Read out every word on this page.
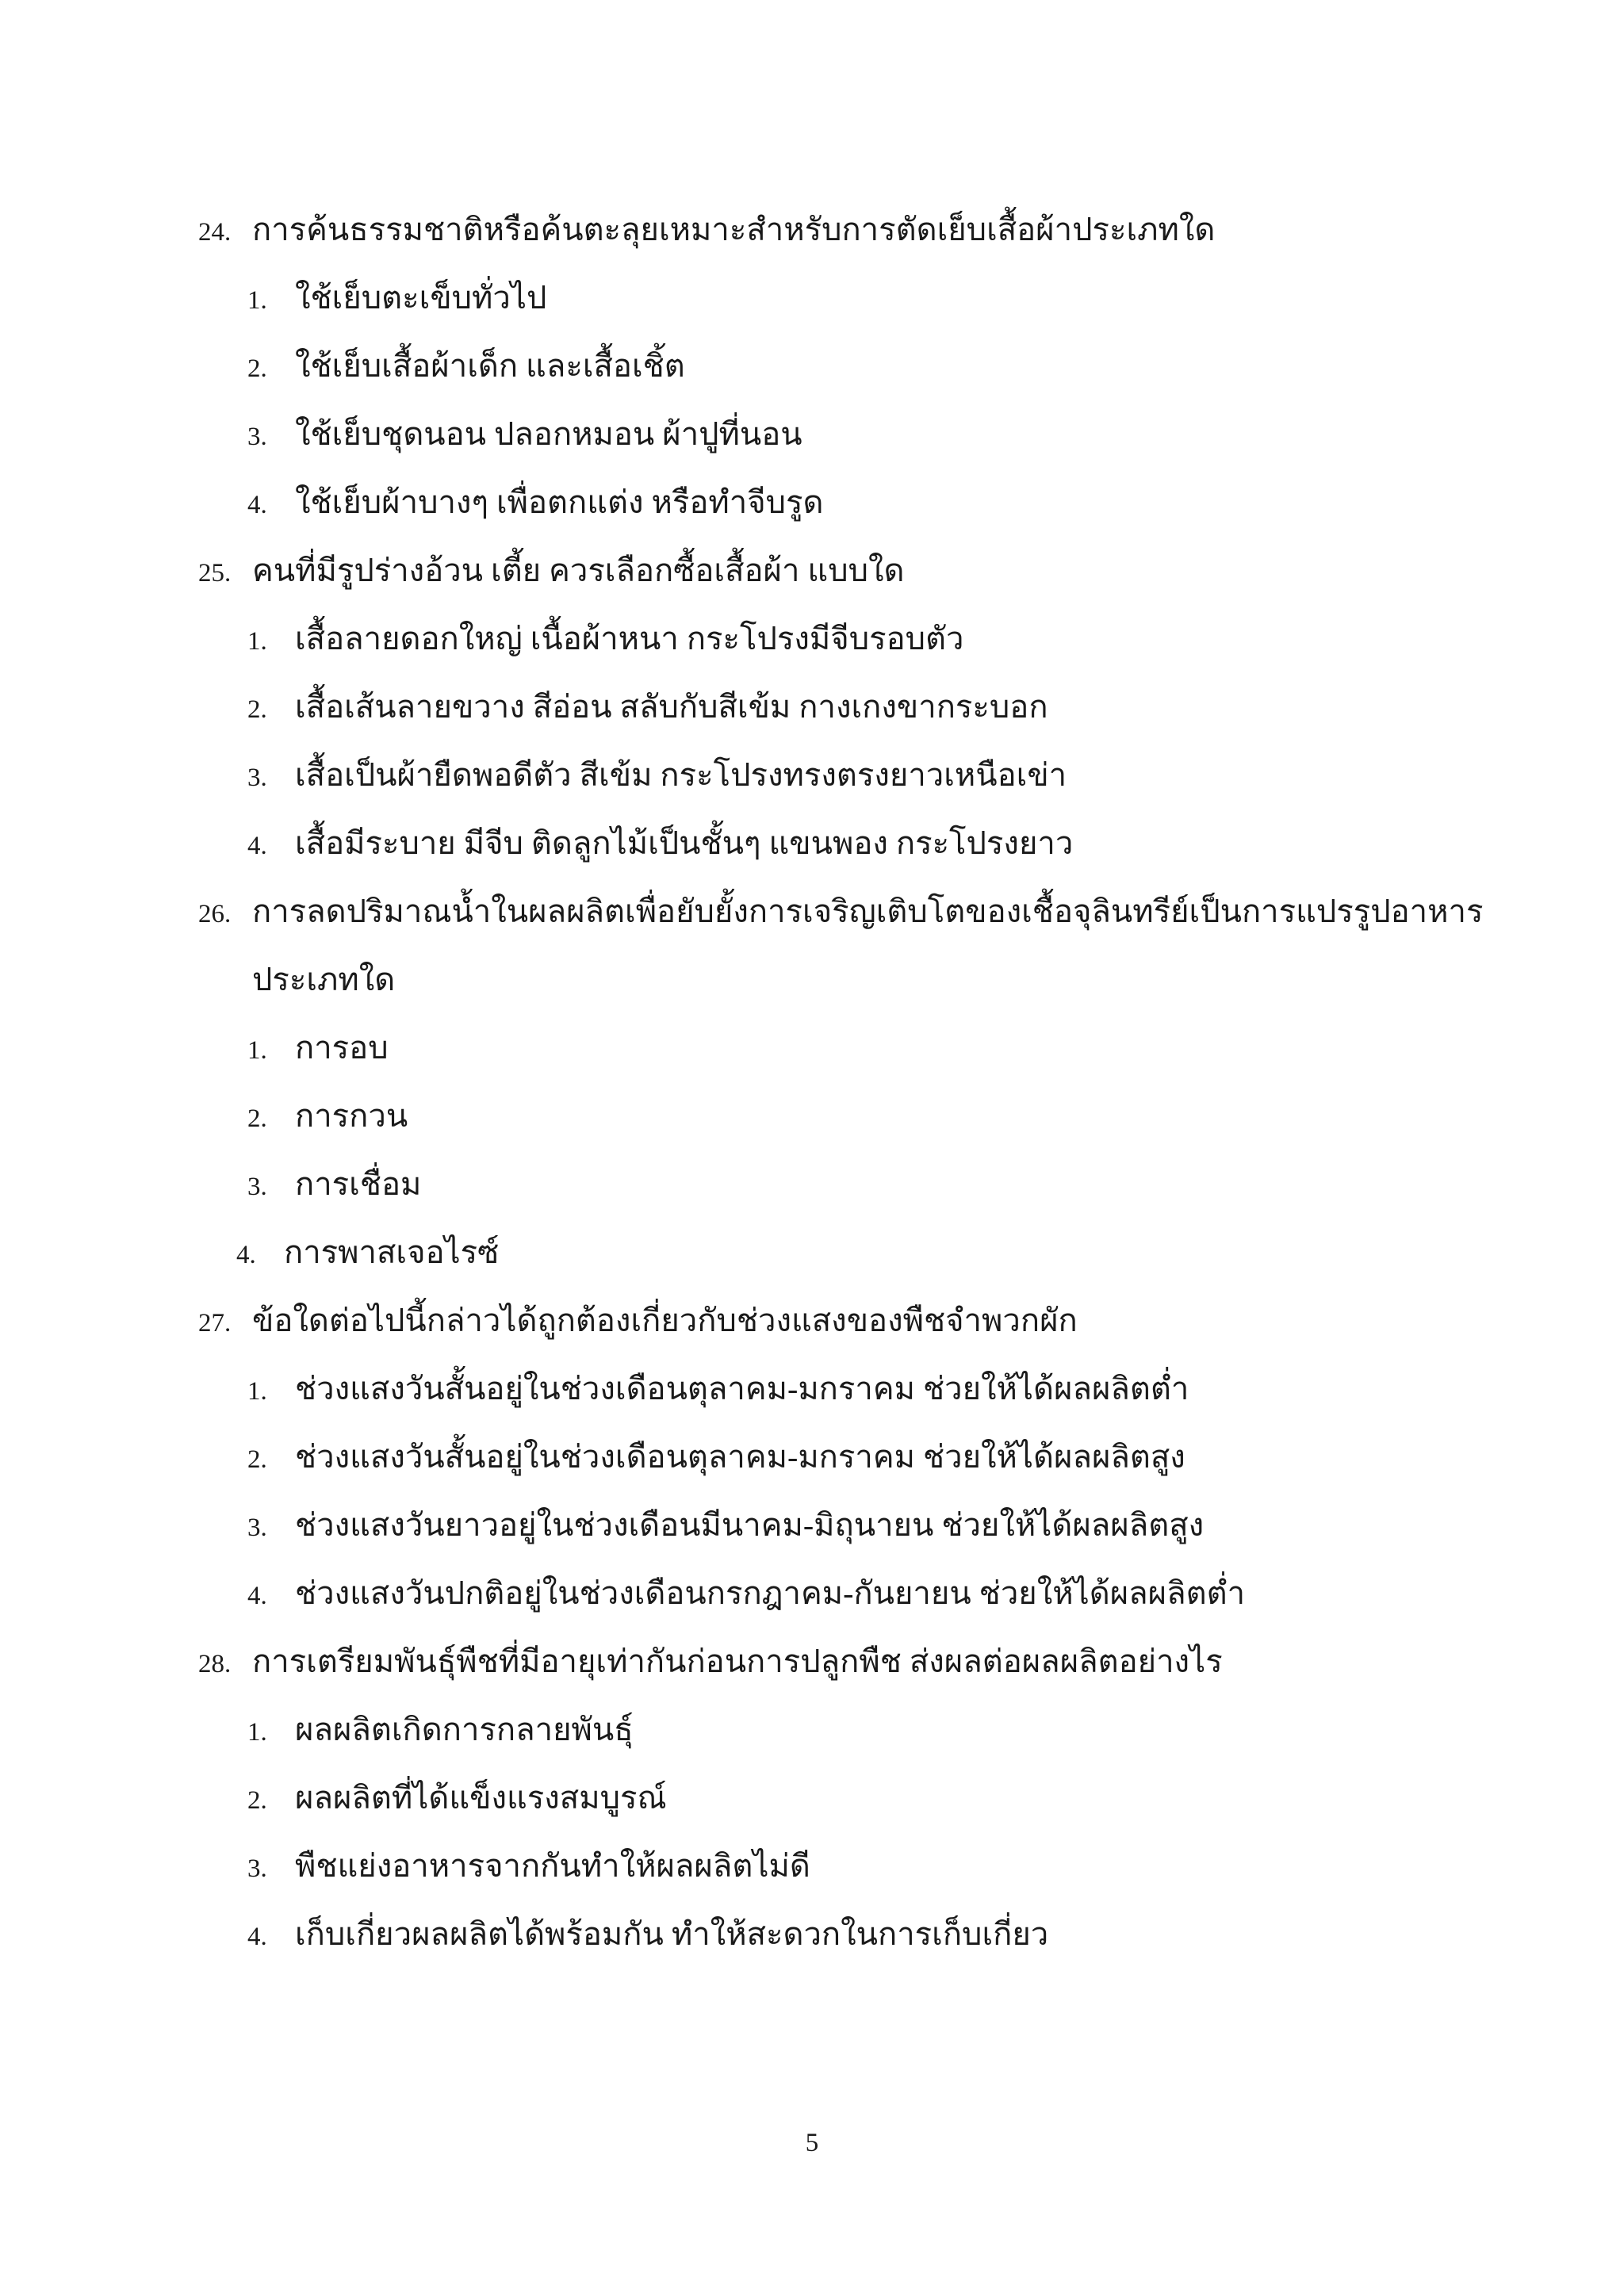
24. การค้นธรรมชาติหรือค้นตะลุยเหมาะสำหรับการตัดเย็บเสื้อผ้าประเภทใด
1. ใช้เย็บตะเข็บทั่วไป
2. ใช้เย็บเสื้อผ้าเด็ก และเสื้อเชิ้ต
3. ใช้เย็บชุดนอน ปลอกหมอน ผ้าปูที่นอน
4. ใช้เย็บผ้าบางๆ เพื่อตกแต่ง หรือทำจีบรูด
25. คนที่มีรูปร่างอ้วน เตี้ย ควรเลือกซื้อเสื้อผ้า แบบใด
1. เสื้อลายดอกใหญ่ เนื้อผ้าหนา กระโปรงมีจีบรอบตัว
2. เสื้อเส้นลายขวาง สีอ่อน สลับกับสีเข้ม กางเกงขากระบอก
3. เสื้อเป็นผ้ายืดพอดีตัว สีเข้ม กระโปรงทรงตรงยาวเหนือเข่า
4. เสื้อมีระบาย มีจีบ ติดลูกไม้เป็นชั้นๆ แขนพอง กระโปรงยาว
26. การลดปริมาณน้ำในผลผลิตเพื่อยับยั้งการเจริญเติบโตของเชื้อจุลินทรีย์เป็นการแปรรูปอาหาร
ประเภทใด
1. การอบ
2. การกวน
3. การเชื่อม
4. การพาสเจอไรซ์
27. ข้อใดต่อไปนี้กล่าวได้ถูกต้องเกี่ยวกับช่วงแสงของพืชจำพวกผัก
1. ช่วงแสงวันสั้นอยู่ในช่วงเดือนตุลาคม-มกราคม ช่วยให้ได้ผลผลิตต่ำ
2. ช่วงแสงวันสั้นอยู่ในช่วงเดือนตุลาคม-มกราคม ช่วยให้ได้ผลผลิตสูง
3. ช่วงแสงวันยาวอยู่ในช่วงเดือนมีนาคม-มิถุนายน ช่วยให้ได้ผลผลิตสูง
4. ช่วงแสงวันปกติอยู่ในช่วงเดือนกรกฎาคม-กันยายน ช่วยให้ได้ผลผลิตต่ำ
28. การเตรียมพันธุ์พืชที่มีอายุเท่ากันก่อนการปลูกพืช ส่งผลต่อผลผลิตอย่างไร
1. ผลผลิตเกิดการกลายพันธุ์
2. ผลผลิตที่ได้แข็งแรงสมบูรณ์
3. พืชแย่งอาหารจากกันทำให้ผลผลิตไม่ดี
4. เก็บเกี่ยวผลผลิตได้พร้อมกัน ทำให้สะดวกในการเก็บเกี่ยว
5
